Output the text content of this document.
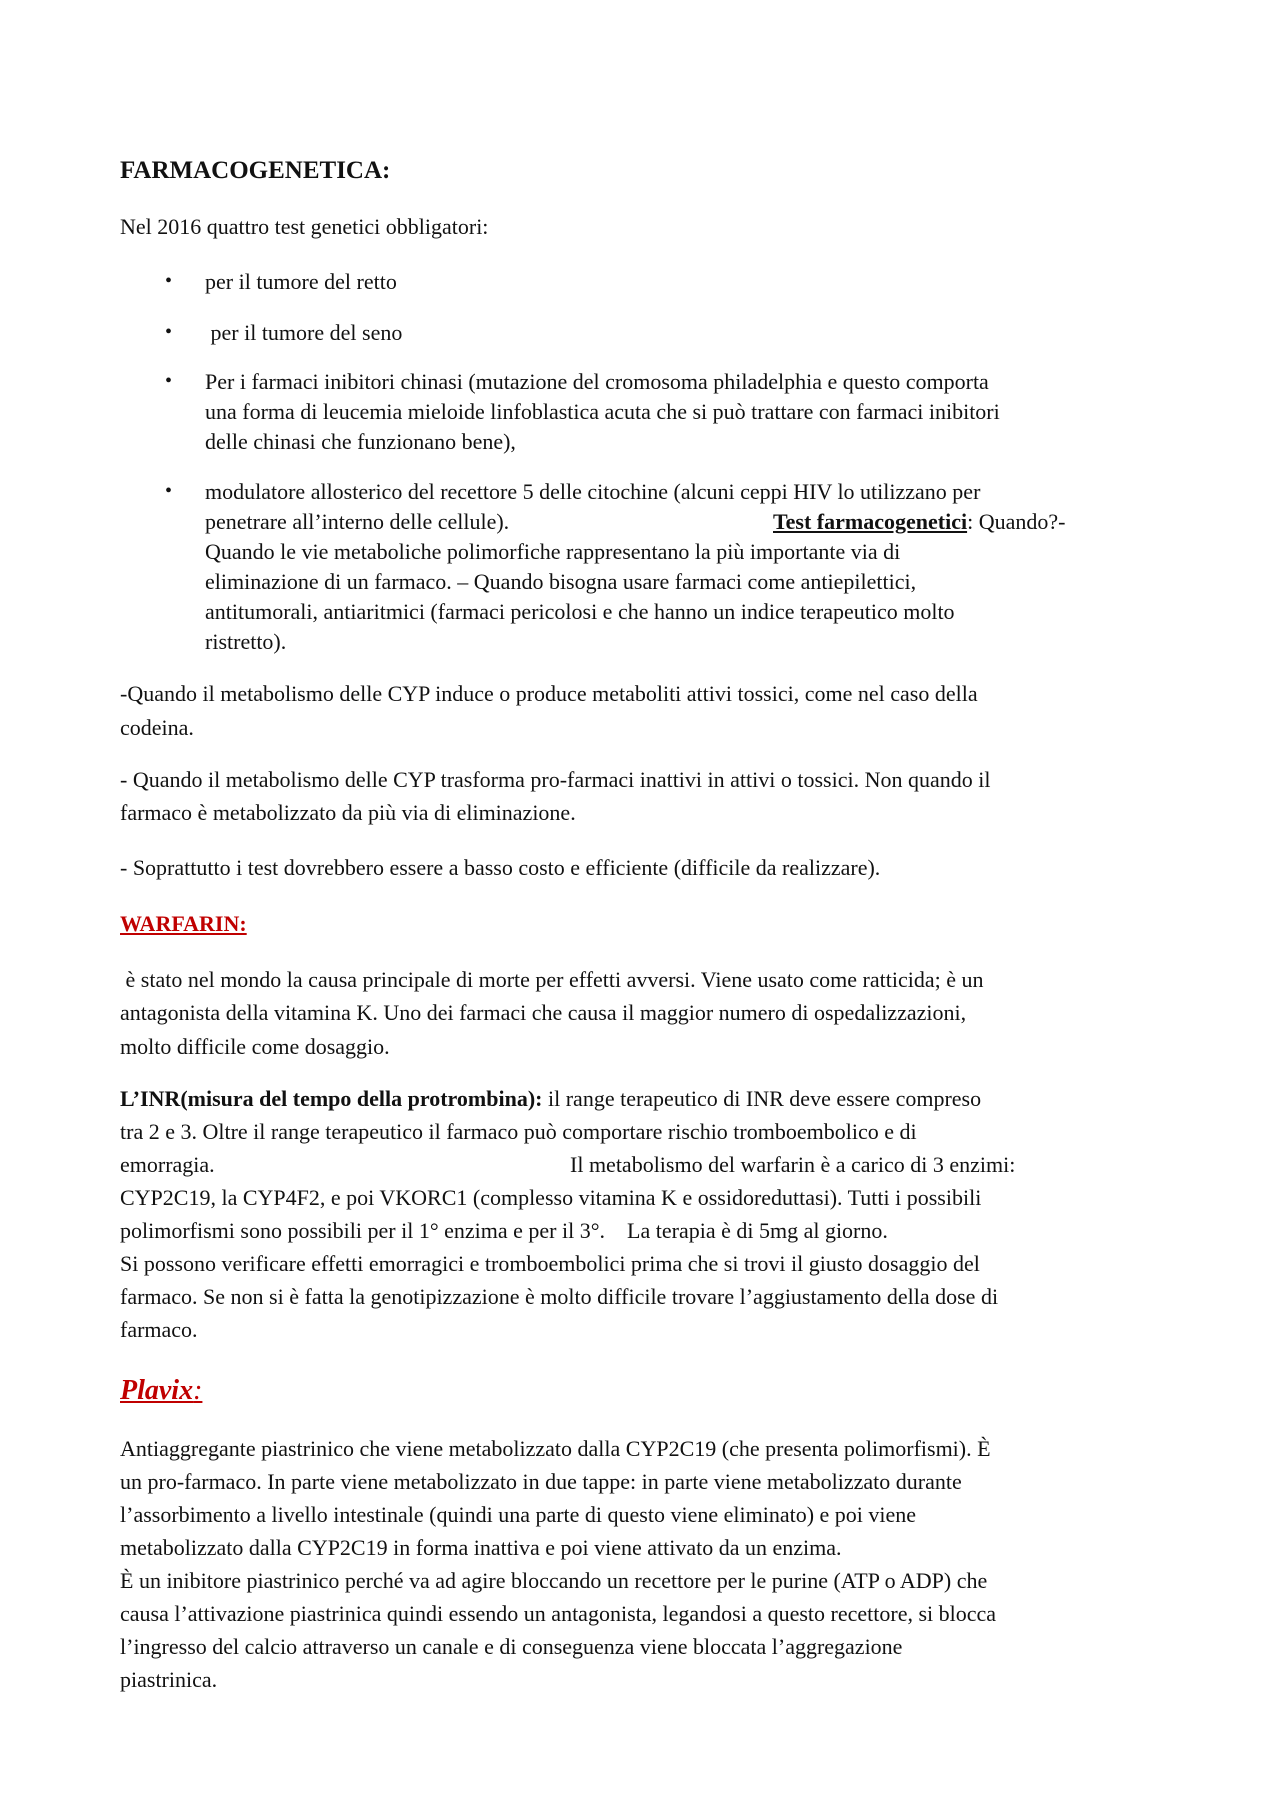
FARMACOGENETICA:
Nel 2016 quattro test genetici obbligatori:
• per il tumore del retto
• per il tumore del seno
• Per i farmaci inibitori chinasi (mutazione del cromosoma philadelphia e questo comporta
una forma di leucemia mieloide linfoblastica acuta che si può trattare con farmaci inibitori
delle chinasi che funzionano bene),
• modulatore allosterico del recettore 5 delle citochine (alcuni ceppi HIV lo utilizzano per
penetrare all’interno delle cellule).	Test farmacogenetici: Quando?-
Quando le vie metaboliche polimorfiche rappresentano la più importante via di
eliminazione di un farmaco. – Quando bisogna usare farmaci come antiepilettici,
antitumorali, antiaritmici (farmaci pericolosi e che hanno un indice terapeutico molto
ristretto).
-Quando il metabolismo delle CYP induce o produce metaboliti attivi tossici, come nel caso della
codeina.
- Quando il metabolismo delle CYP trasforma pro-farmaci inattivi in attivi o tossici. Non quando il
farmaco è metabolizzato da più via di eliminazione.
- Soprattutto i test dovrebbero essere a basso costo e efficiente (difficile da realizzare).
WARFARIN:
è stato nel mondo la causa principale di morte per effetti avversi. Viene usato come ratticida; è un
antagonista della vitamina K. Uno dei farmaci che causa il maggior numero di ospedalizzazioni,
molto difficile come dosaggio.
L’INR(misura del tempo della protrombina): il range terapeutico di INR deve essere compreso
tra 2 e 3. Oltre il range terapeutico il farmaco può comportare rischio tromboembolico e di
emorragia.	Il metabolismo del warfarin è a carico di 3 enzimi:
CYP2C19, la CYP4F2, e poi VKORC1 (complesso vitamina K e ossidoreduttasi). Tutti i possibili
polimorfismi sono possibili per il 1° enzima e per il 3°.    La terapia è di 5mg al giorno.
Si possono verificare effetti emorragici e tromboembolici prima che si trovi il giusto dosaggio del
farmaco. Se non si è fatta la genotipizzazione è molto difficile trovare l’aggiustamento della dose di
farmaco.
Plavix:
Antiaggregante piastrinico che viene metabolizzato dalla CYP2C19 (che presenta polimorfismi). È
un pro-farmaco. In parte viene metabolizzato in due tappe: in parte viene metabolizzato durante
l’assorbimento a livello intestinale (quindi una parte di questo viene eliminato) e poi viene
metabolizzato dalla CYP2C19 in forma inattiva e poi viene attivato da un enzima.
È un inibitore piastrinico perché va ad agire bloccando un recettore per le purine (ATP o ADP) che
causa l’attivazione piastrinica quindi essendo un antagonista, legandosi a questo recettore, si blocca
l’ingresso del calcio attraverso un canale e di conseguenza viene bloccata l’aggregazione
piastrinica.
